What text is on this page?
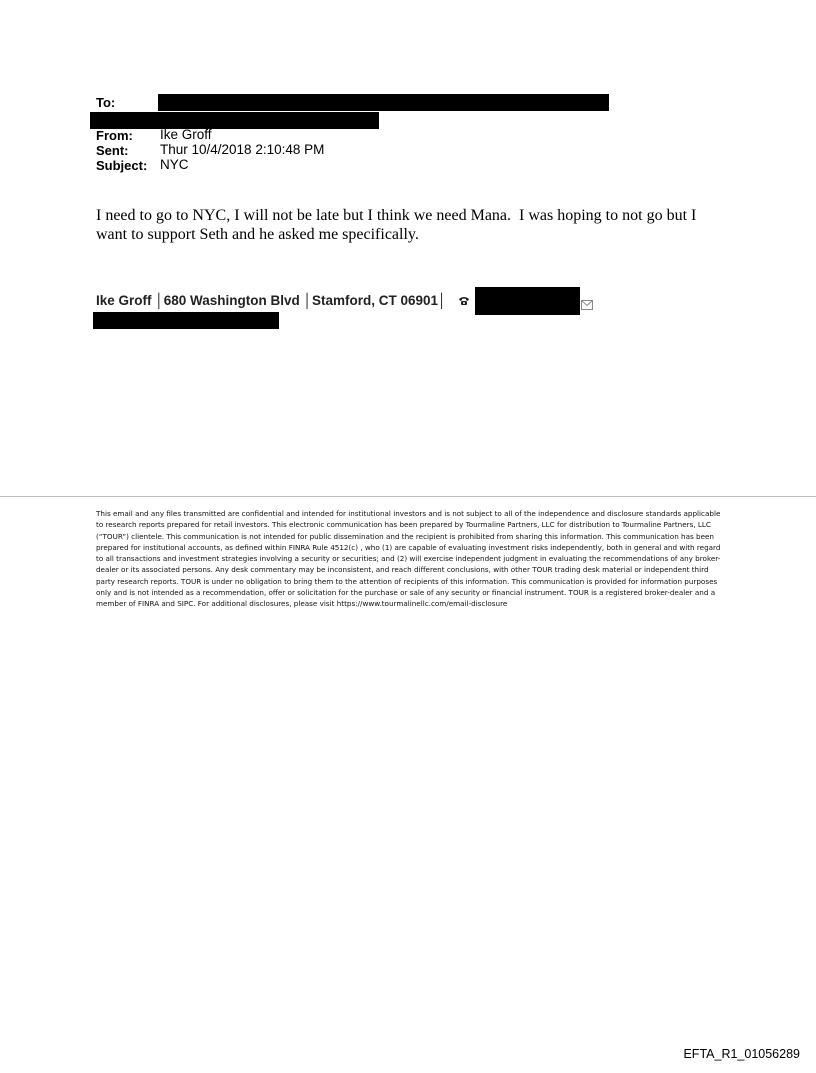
To:
From: Ike Groff
Sent: Thur 10/4/2018 2:10:48 PM
Subject: NYC
I need to go to NYC, I will not be late but I think we need Mana.  I was hoping to not go but I
want to support Seth and he asked me specifically.
Ike Groff │680 Washington Blvd │Stamford, CT 06901│
This email and any files transmitted are confidential and intended for institutional investors and is not subject to all of the independence and disclosure standards applicable to research reports prepared for retail investors. This electronic communication has been prepared by Tourmaline Partners, LLC for distribution to Tourmaline Partners, LLC (“TOUR”) clientele. This communication is not intended for public dissemination and the recipient is prohibited from sharing this information. This communication has been prepared for institutional accounts, as defined within FINRA Rule 4512(c) , who (1) are capable of evaluating investment risks independently, both in general and with regard to all transactions and investment strategies involving a security or securities; and (2) will exercise independent judgment in evaluating the recommendations of any broker-dealer or its associated persons. Any desk commentary may be inconsistent, and reach different conclusions, with other TOUR trading desk material or independent third party research reports. TOUR is under no obligation to bring them to the attention of recipients of this information. This communication is provided for information purposes only and is not intended as a recommendation, offer or solicitation for the purchase or sale of any security or financial instrument. TOUR is a registered broker-dealer and a member of FINRA and SIPC. For additional disclosures, please visit https://www.tourmalinellc.com/email-disclosure
EFTA_R1_01056289
